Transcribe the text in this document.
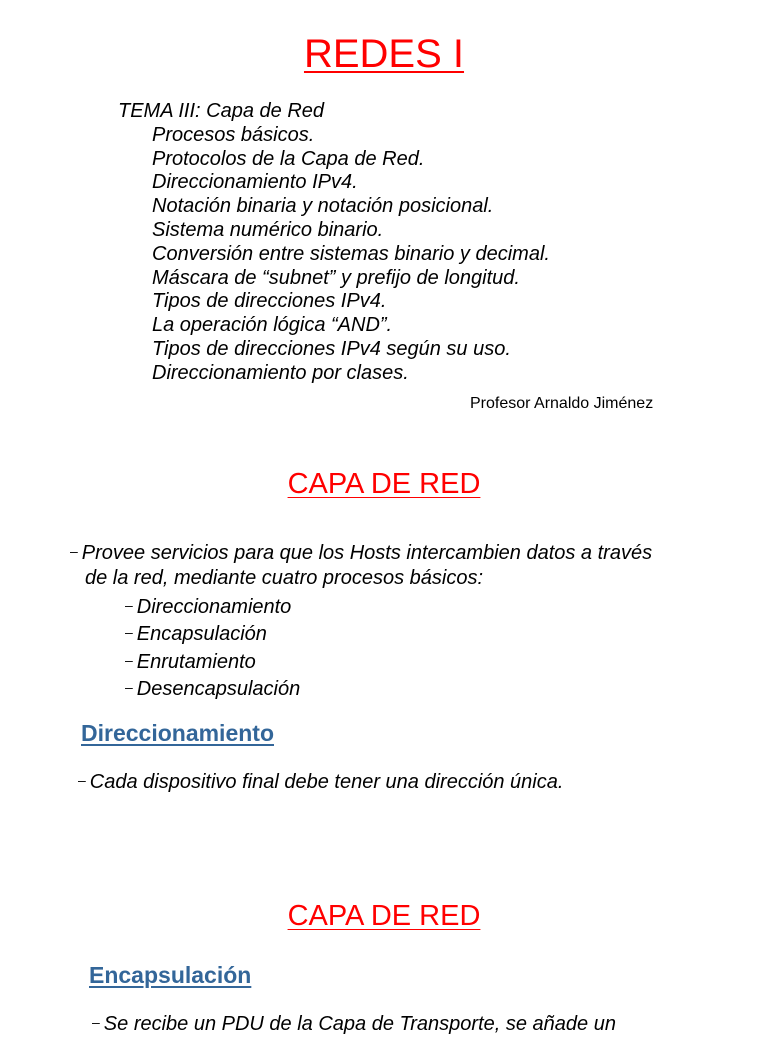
REDES I
TEMA III: Capa de Red
Procesos básicos.
Protocolos de la Capa de Red.
Direccionamiento IPv4.
Notación binaria y notación posicional.
Sistema numérico binario.
Conversión entre sistemas binario y decimal.
Máscara de “subnet” y prefijo de longitud.
Tipos de direcciones IPv4.
La operación lógica “AND”.
Tipos de direcciones IPv4 según su uso.
Direccionamiento por clases.
Profesor Arnaldo Jiménez
CAPA DE RED
– Provee servicios para que los Hosts intercambien datos a través
de la red, mediante cuatro procesos básicos:
– Direccionamiento
– Encapsulación
– Enrutamiento
– Desencapsulación
Direccionamiento
– Cada dispositivo final debe tener una dirección única.
CAPA DE RED
Encapsulación
– Se recibe un PDU de la Capa de Transporte, se añade un
